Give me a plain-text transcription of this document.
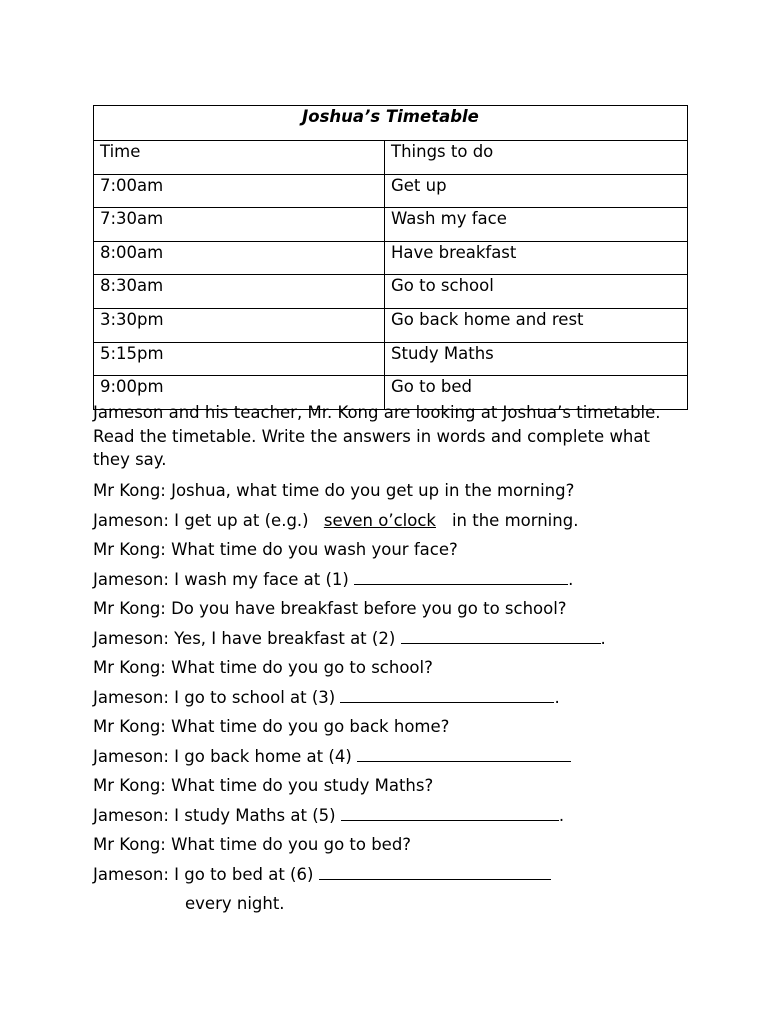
Joshua’s Timetable	
Time	Things to do
7:00am	Get up
7:30am	Wash my face
8:00am	Have breakfast
8:30am	Go to school
3:30pm	Go back home and rest
5:15pm	Study Maths
9:00pm	Go to bed

Jameson and his teacher, Mr. Kong are looking at Joshua’s timetable. Read the timetable. Write the answers in words and complete what they say.

Mr Kong: Joshua, what time do you get up in the morning?
Jameson: I get up at (e.g.) seven o’clock in the morning.
Mr Kong: What time do you wash your face?
Jameson: I wash my face at (1)	.
Mr Kong: Do you have breakfast before you go to school?
Jameson: Yes, I have breakfast at (2)	.
Mr Kong: What time do you go to school?
Jameson: I go to school at (3)	.
Mr Kong: What time do you go back home?
Jameson: I go back home at (4)
Mr Kong: What time do you study Maths?
Jameson: I study Maths at (5)	.
Mr Kong: What time do you go to bed?
Jameson: I go to bed at (6)
every night.
